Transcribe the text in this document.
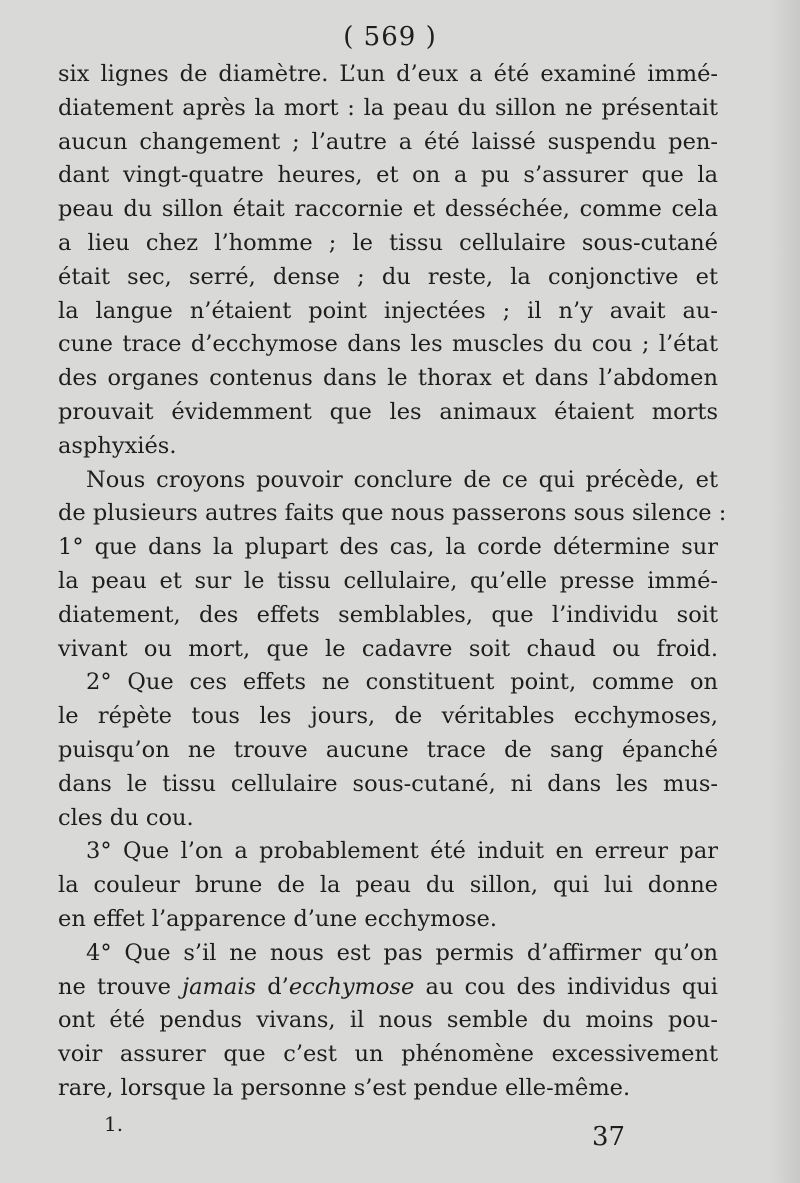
( 569 )
six lignes de diamètre. L’un d’eux a été examiné immé-
diatement après la mort : la peau du sillon ne présentait
aucun changement ; l’autre a été laissé suspendu pen-
dant vingt-quatre heures, et on a pu s’assurer que la
peau du sillon était raccornie et desséchée, comme cela
a lieu chez l’homme ; le tissu cellulaire sous-cutané
était sec, serré, dense ; du reste, la conjonctive et
la langue n’étaient point injectées ; il n’y avait au-
cune trace d’ecchymose dans les muscles du cou ; l’état
des organes contenus dans le thorax et dans l’abdomen
prouvait évidemment que les animaux étaient morts
asphyxiés.
Nous croyons pouvoir conclure de ce qui précède, et
de plusieurs autres faits que nous passerons sous silence :
1° que dans la plupart des cas, la corde détermine sur
la peau et sur le tissu cellulaire, qu’elle presse immé-
diatement, des effets semblables, que l’individu soit
vivant ou mort, que le cadavre soit chaud ou froid.
2° Que ces effets ne constituent point, comme on
le répète tous les jours, de véritables ecchymoses,
puisqu’on ne trouve aucune trace de sang épanché
dans le tissu cellulaire sous-cutané, ni dans les mus-
cles du cou.
3° Que l’on a probablement été induit en erreur par
la couleur brune de la peau du sillon, qui lui donne
en effet l’apparence d’une ecchymose.
4° Que s’il ne nous est pas permis d’affirmer qu’on
ne trouve jamais d’ecchymose au cou des individus qui
ont été pendus vivans, il nous semble du moins pou-
voir assurer que c’est un phénomène excessivement
rare, lorsque la personne s’est pendue elle-même.
1.	37
